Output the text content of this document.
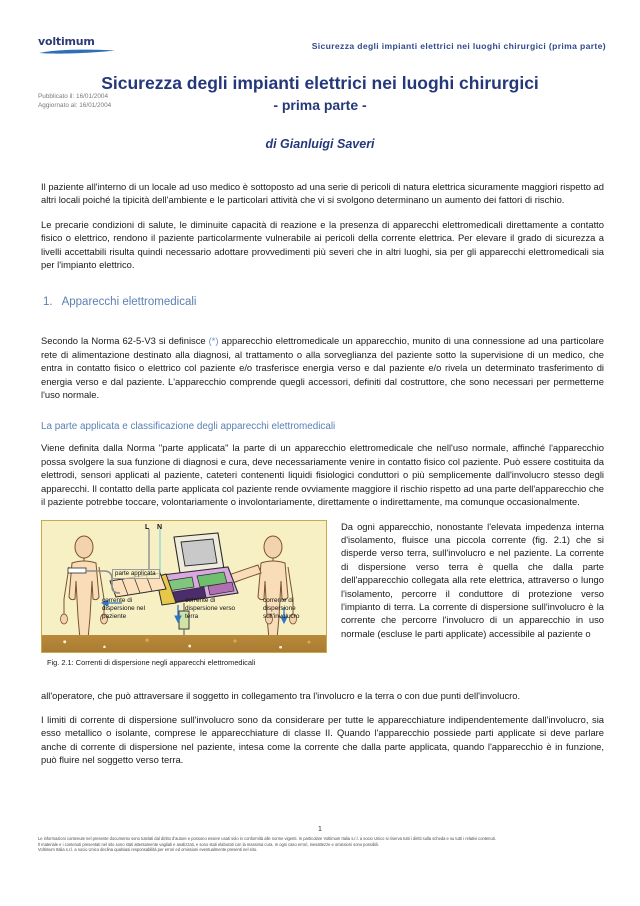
voltimum	Sicurezza degli impianti elettrici nei luoghi chirurgici (prima parte)
Sicurezza degli impianti elettrici nei luoghi chirurgici
- prima parte -
di Gianluigi Saveri
Pubblicato il: 16/01/2004
Aggiornato al: 16/01/2004

Il paziente all'interno di un locale ad uso medico è sottoposto ad una serie di pericoli di natura elettrica sicuramente maggiori rispetto ad altri locali poiché la tipicità dell'ambiente e le particolari attività che vi si svolgono determinano un aumento dei fattori di rischio.

Le precarie condizioni di salute, le diminuite capacità di reazione e la presenza di apparecchi elettromedicali direttamente a contatto fisico o elettrico, rendono il paziente particolarmente vulnerabile ai pericoli della corrente elettrica. Per elevare il grado di sicurezza a livelli accettabili risulta quindi necessario adottare provvedimenti più severi che in altri luoghi, sia per gli apparecchi elettromedicali sia per l'impianto elettrico.

1. Apparecchi elettromedicali

Secondo la Norma 62-5-V3 si definisce (*) apparecchio elettromedicale un apparecchio, munito di una connessione ad una particolare rete di alimentazione destinato alla diagnosi, al trattamento o alla sorveglianza del paziente sotto la supervisione di un medico, che entra in contatto fisico o elettrico col paziente e/o trasferisce energia verso e dal paziente e/o rivela un determinato trasferimento di energia verso e dal paziente. L'apparecchio comprende quegli accessori, definiti dal costruttore, che sono necessari per permetterne l'uso normale.

La parte applicata e classificazione degli apparecchi elettromedicali

Viene definita dalla Norma "parte applicata" la parte di un apparecchio elettromedicale che nell'uso normale, affinché l'apparecchio possa svolgere la sua funzione di diagnosi e cura, deve necessariamente venire in contatto fisico col paziente. Può essere costituita da elettrodi, sensori applicati al paziente, cateteri contenenti liquidi fisiologici conduttori o più semplicemente dall'involucro stesso degli apparecchi. Il contatto della parte applicata col paziente rende ovviamente maggiore il rischio rispetto ad una parte dell'apparecchio che il paziente potrebbe toccare, volontariamente o involontariamente, direttamente o indirettamente, ma comunque occasionalmente.

L N
parte applicata
corrente di dispersione nel paziente
corrente di dispersione verso terra
corrente di dispersione sull'involucro
Fig. 2.1: Correnti di dispersione negli apparecchi elettromedicali
Da ogni apparecchio, nonostante l'elevata impedenza interna d'isolamento, fluisce una piccola corrente (fig. 2.1) che si disperde verso terra, sull'involucro e nel paziente. La corrente di dispersione verso terra è quella che dalla parte dell'apparecchio collegata alla rete elettrica, attraverso o lungo l'isolamento, percorre il conduttore di protezione verso l'impianto di terra. La corrente di dispersione sull'involucro è la corrente che percorre l'involucro di un apparecchio in uso normale (escluse le parti applicate) accessibile al paziente o

all'operatore, che può attraversare il soggetto in collegamento tra l'involucro e la terra o con due punti dell'involucro.

I limiti di corrente di dispersione sull'involucro sono da considerare per tutte le apparecchiature indipendentemente dall'involucro, sia esso metallico o isolante, comprese le apparecchiature di classe II. Quando l'apparecchio possiede parti applicate si deve parlare anche di corrente di dispersione nel paziente, intesa come la corrente che dalla parte applicata, quando l'apparecchio è in funzione, può fluire nel soggetto verso terra.

1

Le informazioni contenute nel presente documento sono tutelati dal diritto d'autore e possono essere usati solo in conformità alle norme vigenti. In particolare Voltimum Italia s.r.l. a socio Unico si riserva tutti i diritti sulla scheda e su tutti i relativi contenuti.

Il materiale e i contenuti presentati nel sito sono stati attentamente vagliati e analizzati, e sono stati elaborati con la massima cura. In ogni caso errori, inesattezze e omissioni sono possibili.

Voltimum Italia s.r.l. a socio Unico declina qualsiasi responsabilità per errori ed omissioni eventualmente presenti nel sito.
